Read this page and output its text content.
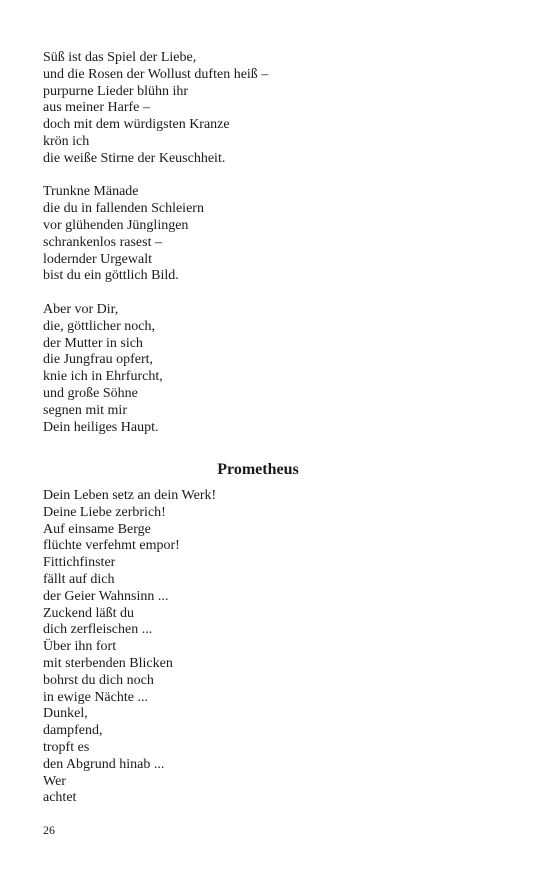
Süß ist das Spiel der Liebe,
und die Rosen der Wollust duften heiß –
purpurne Lieder blühn ihr
aus meiner Harfe –
doch mit dem würdigsten Kranze
krön ich
die weiße Stirne der Keuschheit.
Trunkne Mänade
die du in fallenden Schleiern
vor glühenden Jünglingen
schrankenlos rasest –
lodernder Urgewalt
bist du ein göttlich Bild.
Aber vor Dir,
die, göttlicher noch,
der Mutter in sich
die Jungfrau opfert,
knie ich in Ehrfurcht,
und große Söhne
segnen mit mir
Dein heiliges Haupt.
Prometheus
Dein Leben setz an dein Werk!
Deine Liebe zerbrich!
Auf einsame Berge
flüchte verfehmt empor!
Fittichfinster
fällt auf dich
der Geier Wahnsinn ...
Zuckend läßt du
dich zerfleischen ...
Über ihn fort
mit sterbenden Blicken
bohrst du dich noch
in ewige Nächte ...
Dunkel,
dampfend,
tropft es
den Abgrund hinab ...
Wer
achtet
26
